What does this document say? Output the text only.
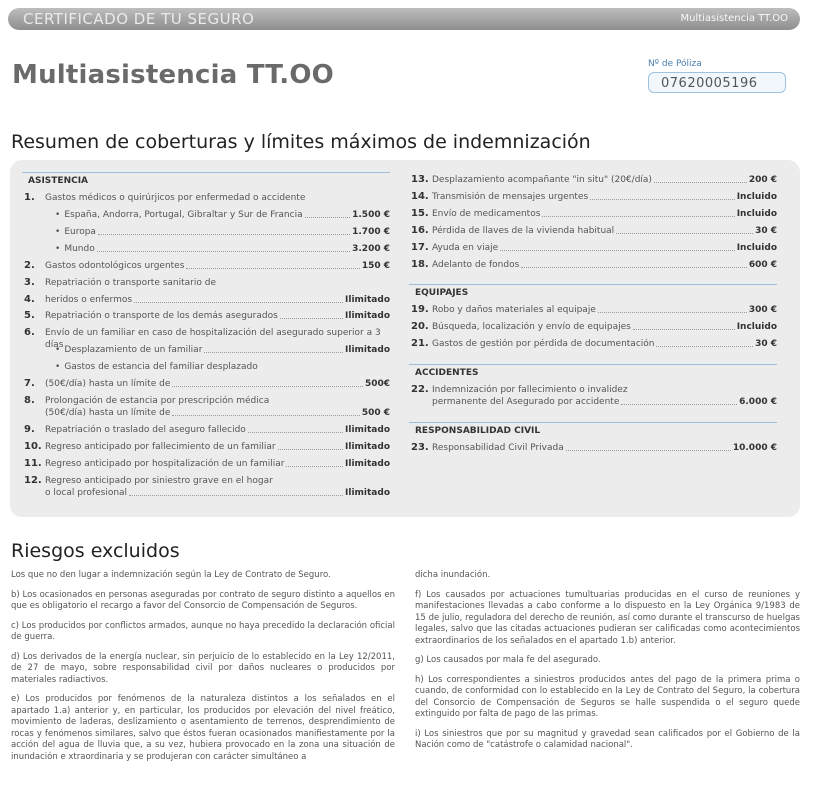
CERTIFICADO DE TU SEGURO	Multiasistencia TT.OO
Multiasistencia TT.OO	Nº de Póliza
07620005196
Resumen de coberturas y límites máximos de indemnización
ASISTENCIA
1.	Gastos médicos o quirúrjicos por enfermedad o accidente
• España, Andorra, Portugal, Gibraltar y Sur de Francia	1.500 €
• Europa	1.700 €
• Mundo	3.200 €
2.	Gastos odontológicos urgentes	150 €
3.	Repatriación o transporte sanitario de
4.	heridos o enfermos	Ilimitado
5.	Repatriación o transporte de los demás asegurados	Ilimitado
6.	Envío de un familiar en caso de hospitalización del asegurado superior a 3 días
• Desplazamiento de un familiar	Ilimitado
• Gastos de estancia del familiar desplazado
7.	(50€/día) hasta un límite de	500€
8.	Prolongación de estancia por prescripción médica
(50€/día) hasta un límite de	500 €
9.	Repatriación o traslado del aseguro fallecido	Ilimitado
10. Regreso anticipado por fallecimiento de un familiar	Ilimitado
11. Regreso anticipado por hospitalización de un familiar	Ilimitado
12. Regreso anticipado por siniestro grave en el hogar
o local profesional	Ilimitado
13. Desplazamiento acompañante "in situ" (20€/día)	200 €
14. Transmisión de mensajes urgentes	Incluido
15. Envío de medicamentos	Incluido
16. Pérdida de llaves de la vivienda habitual	30 €
17. Ayuda en viaje	Incluido
18. Adelanto de fondos	600 €
EQUIPAJES
19. Robo y daños materiales al equipaje	300 €
20. Búsqueda, localización y envío de equipajes	Incluido
21. Gastos de gestión por pérdida de documentación	30 €
ACCIDENTES
22. Indemnización por fallecimiento o invalidez
permanente del Asegurado por accidente	6.000 €
RESPONSABILIDAD CIVIL
23. Responsabilidad Civil Privada	10.000 €
Riesgos excluidos

Los que no den lugar a indemnización según la Ley de Contrato de Seguro.

b) Los ocasionados en personas aseguradas por contrato de seguro distinto a aquellos en que es obligatorio el recargo a favor del Consorcio de Compensación de Seguros.

c) Los producidos por conflictos armados, aunque no haya precedido la declaración oficial de guerra.

d) Los derivados de la energía nuclear, sin perjuicio de lo establecido en la Ley 12/2011, de 27 de mayo, sobre responsabilidad civil por daños nucleares o producidos por materiales radiactivos.

e) Los producidos por fenómenos de la naturaleza distintos a los señalados en el apartado 1.a) anterior y, en particular, los producidos por elevación del nivel freático, movimiento de laderas, deslizamiento o asentamiento de terrenos, desprendimiento de rocas y fenómenos similares, salvo que éstos fueran ocasionados manifiestamente por la acción del agua de lluvia que, a su vez, hubiera provocado en la zona una situación de inundación e xtraordinaria y se produjeran con carácter simultáneo a

dicha inundación.

f) Los causados por actuaciones tumultuarias producidas en el curso de reuniones y manifestaciones llevadas a cabo conforme a lo dispuesto en la Ley Orgánica 9/1983 de 15 de julio, reguladora del derecho de reunión, así como durante el transcurso de huelgas legales, salvo que las citadas actuaciones pudieran ser calificadas como acontecimientos extraordinarios de los señalados en el apartado 1.b) anterior.

g) Los causados por mala fe del asegurado.

h) Los correspondientes a siniestros producidos antes del pago de la primera prima o cuando, de conformidad con lo establecido en la Ley de Contrato del Seguro, la cobertura del Consorcio de Compensación de Seguros se halle suspendida o el seguro quede extinguido por falta de pago de las primas.

i) Los siniestros que por su magnitud y gravedad sean calificados por el Gobierno de la Nación como de "catástrofe o calamidad nacional".
